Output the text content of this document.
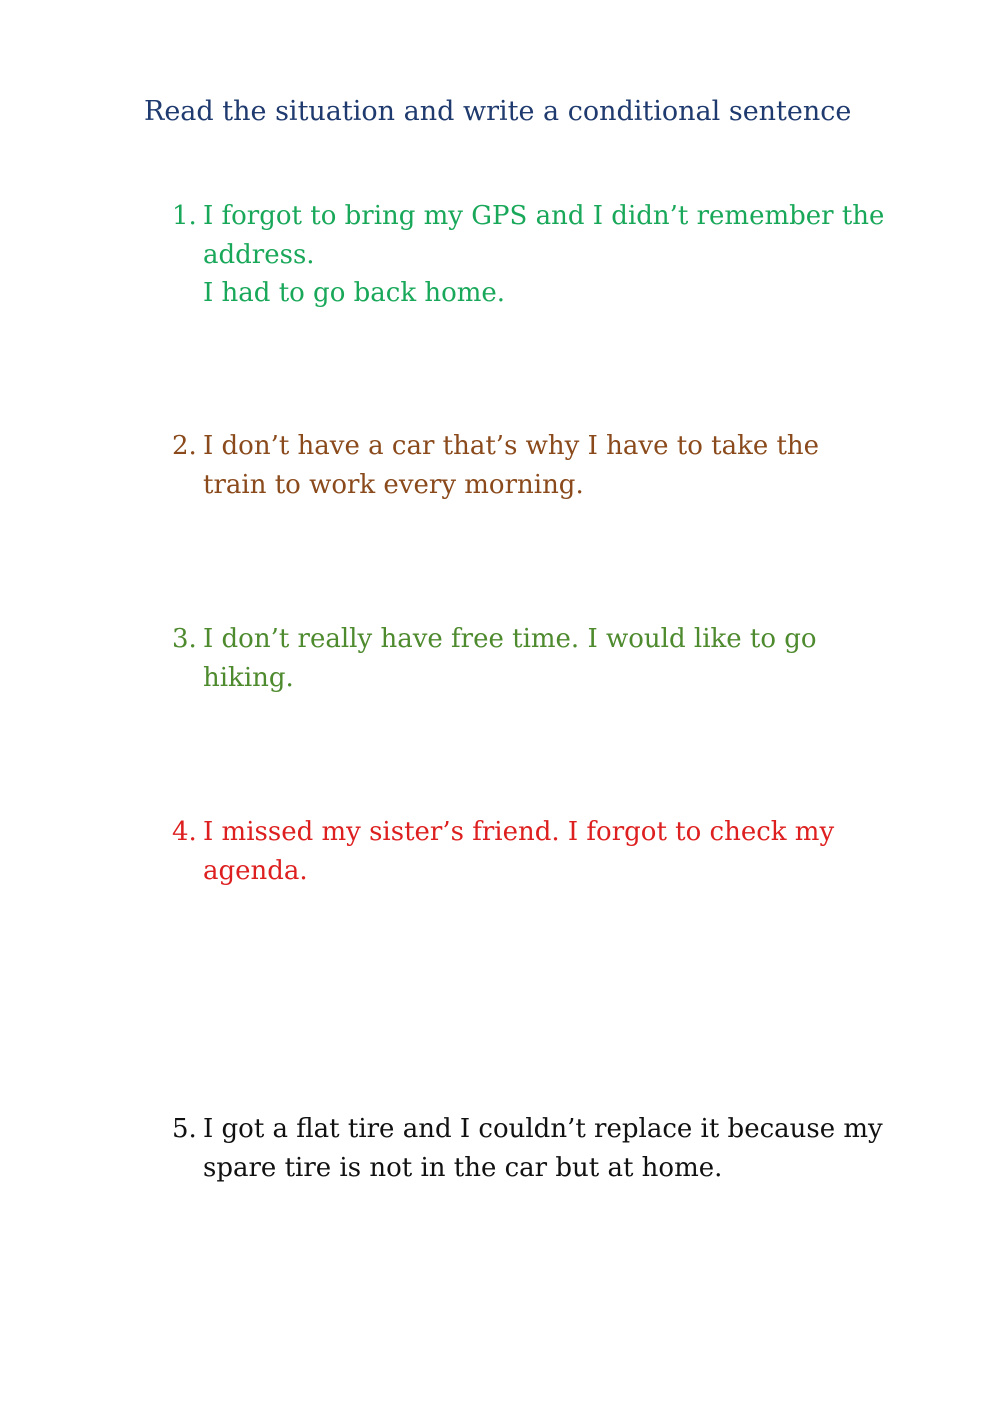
Read the situation and write a conditional sentence
1. I forgot to bring my GPS and I didn’t remember the
address.
I had to go back home.
2. I don’t have a car that’s why I have to take the
train to work every morning.
3. I don’t really have free time. I would like to go
hiking.
4. I missed my sister’s friend. I forgot to check my
agenda.
5. I got a flat tire and I couldn’t replace it because my
spare tire is not in the car but at home.
